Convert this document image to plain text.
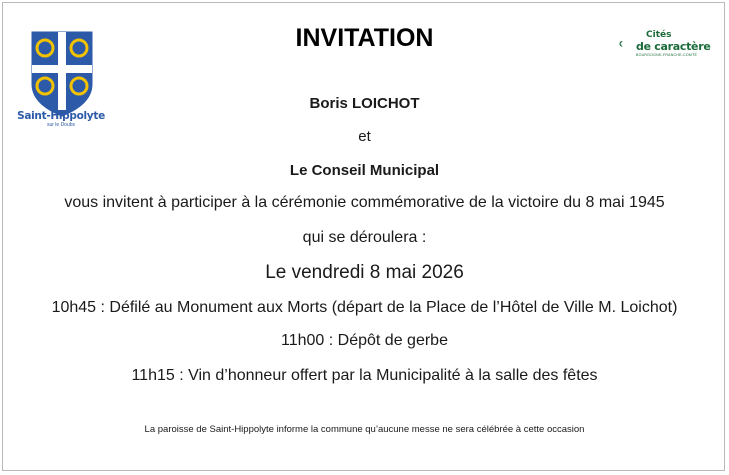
Saint-Hippolyte
sur le Doubs
Cités
de caractère
BOURGOGNE-FRANCHE-COMTÉ
INVITATION
Boris LOICHOT
et
Le Conseil Municipal
vous invitent à participer à la cérémonie commémorative de la victoire du 8 mai 1945
qui se déroulera :
Le vendredi 8 mai 2026
10h45 : Défilé au Monument aux Morts (départ de la Place de l’Hôtel de Ville M. Loichot)
11h00 : Dépôt de gerbe
11h15 : Vin d’honneur offert par la Municipalité à la salle des fêtes
La paroisse de Saint-Hippolyte informe la commune qu’aucune messe ne sera célébrée à cette occasion
